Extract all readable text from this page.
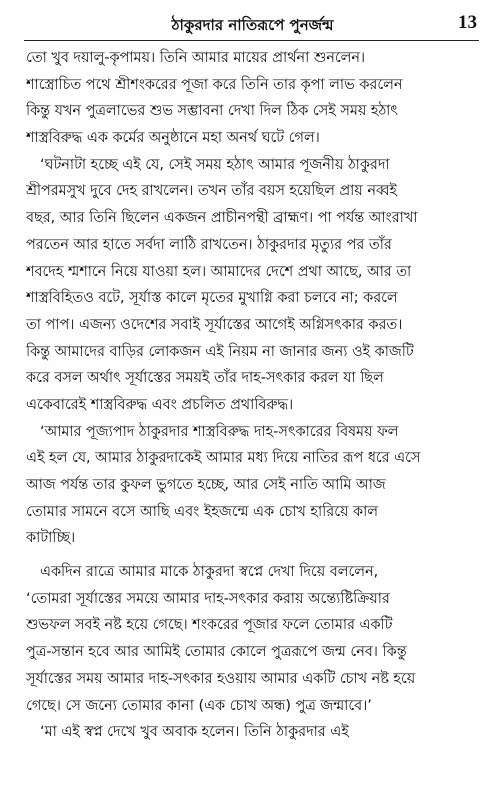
ঠাকুরদার নাতিরূপে পুনর্জন্ম	13
তো খুব দয়ালু-কৃপাময়। তিনি আমার মায়ের প্রার্থনা শুনলেন।
শাস্ত্রোচিত পথে শ্রীশংকরের পূজা করে তিনি তার কৃপা লাভ করলেন
কিন্তু যখন পুত্রলাভের শুভ সম্ভাবনা দেখা দিল ঠিক সেই সময় হঠাৎ
শাস্ত্রবিরুদ্ধ এক কর্মের অনুষ্ঠানে মহা অনর্থ ঘটে গেল।
‘ঘটনাটা হচ্ছে এই যে, সেই সময় হঠাৎ আমার পূজনীয় ঠাকুরদা
শ্রীপরমসুখ দুবে দেহ রাখলেন। তখন তাঁর বয়স হয়েছিল প্রায় নব্বই
বছর, আর তিনি ছিলেন একজন প্রাচীনপন্থী ব্রাহ্মণ। পা পর্যন্ত আংরাখা
পরতেন আর হাতে সর্বদা লাঠি রাখতেন। ঠাকুরদার মৃত্যুর পর তাঁর
শবদেহ শ্মশানে নিয়ে যাওয়া হল। আমাদের দেশে প্রথা আছে, আর তা
শাস্ত্রবিহিতও বটে, সূর্যাস্ত কালে মৃতের মুখাগ্নি করা চলবে না; করলে
তা পাপ। এজন্য ওদেশের সবাই সূর্যাস্তের আগেই অগ্নিসৎকার করত।
কিন্তু আমাদের বাড়ির লোকজন এই নিয়ম না জানার জন্য ওই কাজটি
করে বসল অর্থাৎ সূর্যাস্তের সময়ই তাঁর দাহ-সৎকার করল যা ছিল
একেবারেই শাস্ত্রবিরুদ্ধ এবং প্রচলিত প্রথাবিরুদ্ধ।
‘আমার পূজ্যপাদ ঠাকুরদার শাস্ত্রবিরুদ্ধ দাহ-সৎকারের বিষময় ফল
এই হল যে, আমার ঠাকুরদাকেই আমার মধ্য দিয়ে নাতির রূপ ধরে এসে
আজ পর্যন্ত তার কুফল ভুগতে হচ্ছে, আর সেই নাতি আমি আজ
তোমার সামনে বসে আছি এবং ইহজন্মে এক চোখ হারিয়ে কাল
কাটাচ্ছি।
একদিন রাত্রে আমার মাকে ঠাকুরদা স্বপ্নে দেখা দিয়ে বললেন,
‘তোমরা সূর্যাস্তের সময়ে আমার দাহ-সৎকার করায় অন্ত্যেষ্টিক্রিয়ার
শুভফল সবই নষ্ট হয়ে গেছে। শংকরের পূজার ফলে তোমার একটি
পুত্র-সন্তান হবে আর আমিই তোমার কোলে পুত্ররূপে জন্ম নেব। কিন্তু
সূর্যাস্তের সময় আমার দাহ-সৎকার হওয়ায় আমার একটি চোখ নষ্ট হয়ে
গেছে। সে জন্যে তোমার কানা (এক চোখ অন্ধ) পুত্র জন্মাবে।’
‘মা এই স্বপ্ন দেখে খুব অবাক হলেন। তিনি ঠাকুরদার এই
